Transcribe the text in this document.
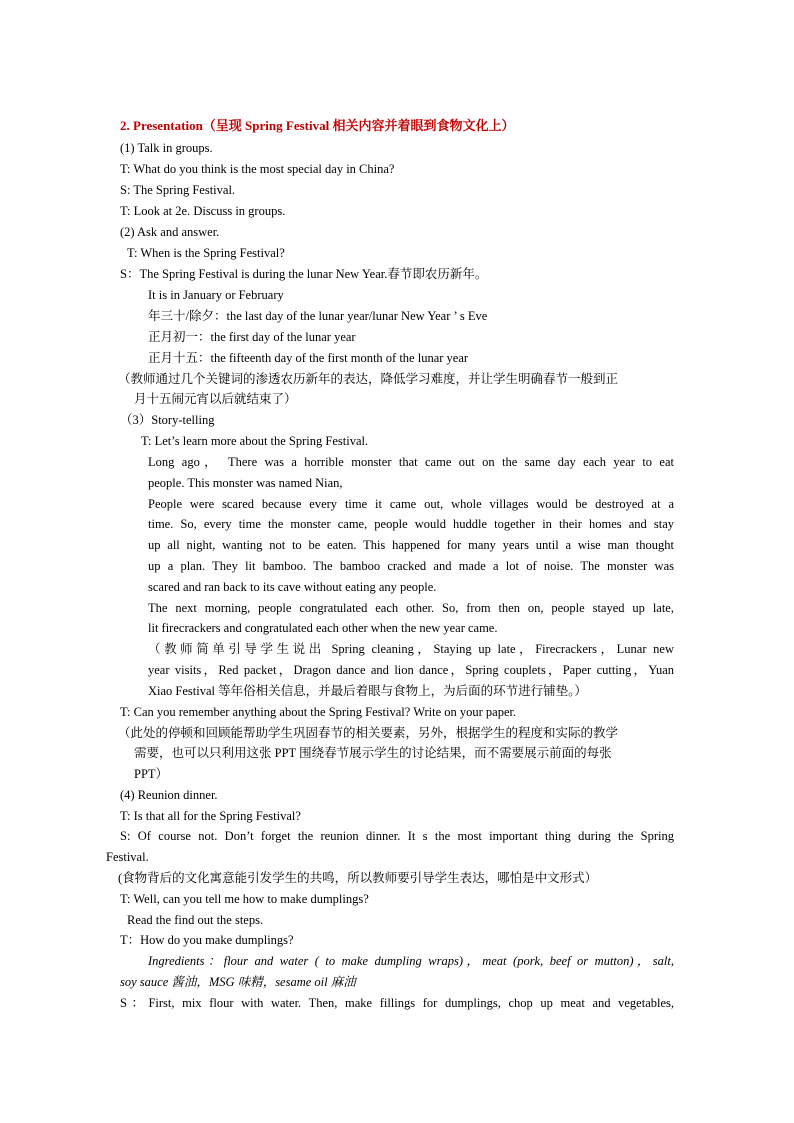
2. Presentation（呈现 Spring Festival 相关内容并着眼到食物文化上）
(1) Talk in groups.
T: What do you think is the most special day in China?
S: The Spring Festival.
T: Look at 2e. Discuss in groups.
(2) Ask and answer.
T: When is the Spring Festival?
S：The Spring Festival is during the lunar New Year.春节即农历新年。
It is in January or February
年三十/除夕：the last day of the lunar year/lunar New Year ’ s Eve
正月初一：the first day of the lunar year
正月十五：the fifteenth day of the first month of the lunar year
（教师通过几个关键词的渗透农历新年的表达，降低学习难度，并让学生明确春节一般到正
月十五闹元宵以后就结束了）
（3）Story-telling
T: Let’s learn more about the Spring Festival.
Long ago， There was a horrible monster that came out on the same day each year to eat
people. This monster was named Nian,
People were scared because every time it came out, whole villages would be destroyed at a
time. So, every time the monster came, people would huddle together in their homes and stay
up all night, wanting not to be eaten. This happened for many years until a wise man thought
up a plan. They lit bamboo. The bamboo cracked and made a lot of noise. The monster was
scared and ran back to its cave without eating any people.
The next morning, people congratulated each other. So, from then on, people stayed up late,
lit firecrackers and congratulated each other when the new year came.
（教师简单引导学生说出 Spring cleaning，Staying up late，Firecrackers，Lunar new
year visits，Red packet，Dragon dance and lion dance，Spring couplets，Paper cutting，Yuan
Xiao Festival 等年俗相关信息，并最后着眼与食物上，为后面的环节进行铺垫。）
T: Can you remember anything about the Spring Festival? Write on your paper.
（此处的停顿和回顾能帮助学生巩固春节的相关要素，另外，根据学生的程度和实际的教学
需要，也可以只利用这张 PPT 围绕春节展示学生的讨论结果，而不需要展示前面的每张
PPT）
(4) Reunion dinner.
T: Is that all for the Spring Festival?
S: Of course not. Don’t forget the reunion dinner. It s the most important thing during the Spring
Festival.
(食物背后的文化寓意能引发学生的共鸣，所以教师要引导学生表达，哪怕是中文形式）
T: Well, can you tell me how to make dumplings?
Read the find out the steps.
T：How do you make dumplings?
Ingredients：flour and water ( to make dumpling wraps)，meat (pork, beef or mutton)，salt,
soy sauce 酱油，MSG 味精，sesame oil 麻油
S：First, mix flour with water. Then, make fillings for dumplings, chop up meat and vegetables,
